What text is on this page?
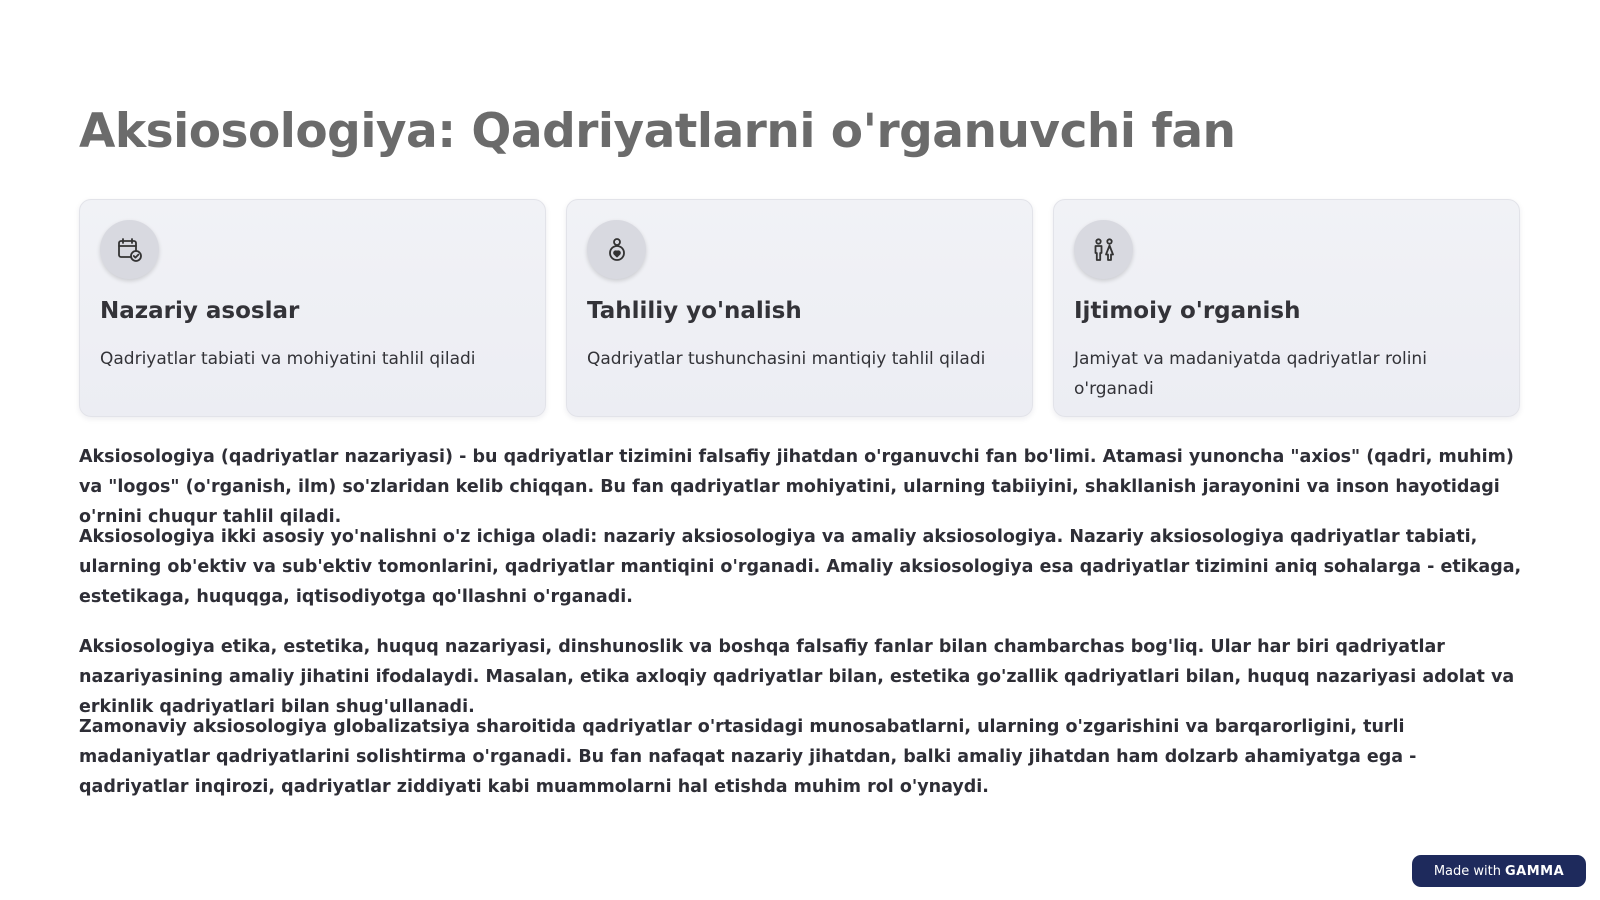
Aksiosologiya: Qadriyatlarni o'rganuvchi fan
Nazariy asoslar
Qadriyatlar tabiati va mohiyatini tahlil qiladi
Tahliliy yo'nalish
Qadriyatlar tushunchasini mantiqiy tahlil qiladi
Ijtimoiy o'rganish
Jamiyat va madaniyatda qadriyatlar rolini o'rganadi

Aksiosologiya (qadriyatlar nazariyasi) - bu qadriyatlar tizimini falsafiy jihatdan o'rganuvchi fan bo'limi. Atamasi yunoncha "axios" (qadri, muhim) va "logos" (o'rganish, ilm) so'zlaridan kelib chiqqan. Bu fan qadriyatlar mohiyatini, ularning tabiiyini, shakllanish jarayonini va inson hayotidagi o'rnini chuqur tahlil qiladi.

Aksiosologiya ikki asosiy yo'nalishni o'z ichiga oladi: nazariy aksiosologiya va amaliy aksiosologiya. Nazariy aksiosologiya qadriyatlar tabiati, ularning ob'ektiv va sub'ektiv tomonlarini, qadriyatlar mantiqini o'rganadi. Amaliy aksiosologiya esa qadriyatlar tizimini aniq sohalarga - etikaga, estetikaga, huquqga, iqtisodiyotga qo'llashni o'rganadi.

Aksiosologiya etika, estetika, huquq nazariyasi, dinshunoslik va boshqa falsafiy fanlar bilan chambarchas bog'liq. Ular har biri qadriyatlar nazariyasining amaliy jihatini ifodalaydi. Masalan, etika axloqiy qadriyatlar bilan, estetika go'zallik qadriyatlari bilan, huquq nazariyasi adolat va erkinlik qadriyatlari bilan shug'ullanadi.

Zamonaviy aksiosologiya globalizatsiya sharoitida qadriyatlar o'rtasidagi munosabatlarni, ularning o'zgarishini va barqarorligini, turli madaniyatlar qadriyatlarini solishtirma o'rganadi. Bu fan nafaqat nazariy jihatdan, balki amaliy jihatdan ham dolzarb ahamiyatga ega - qadriyatlar inqirozi, qadriyatlar ziddiyati kabi muammolarni hal etishda muhim rol o'ynaydi.

Made with GAMMA
